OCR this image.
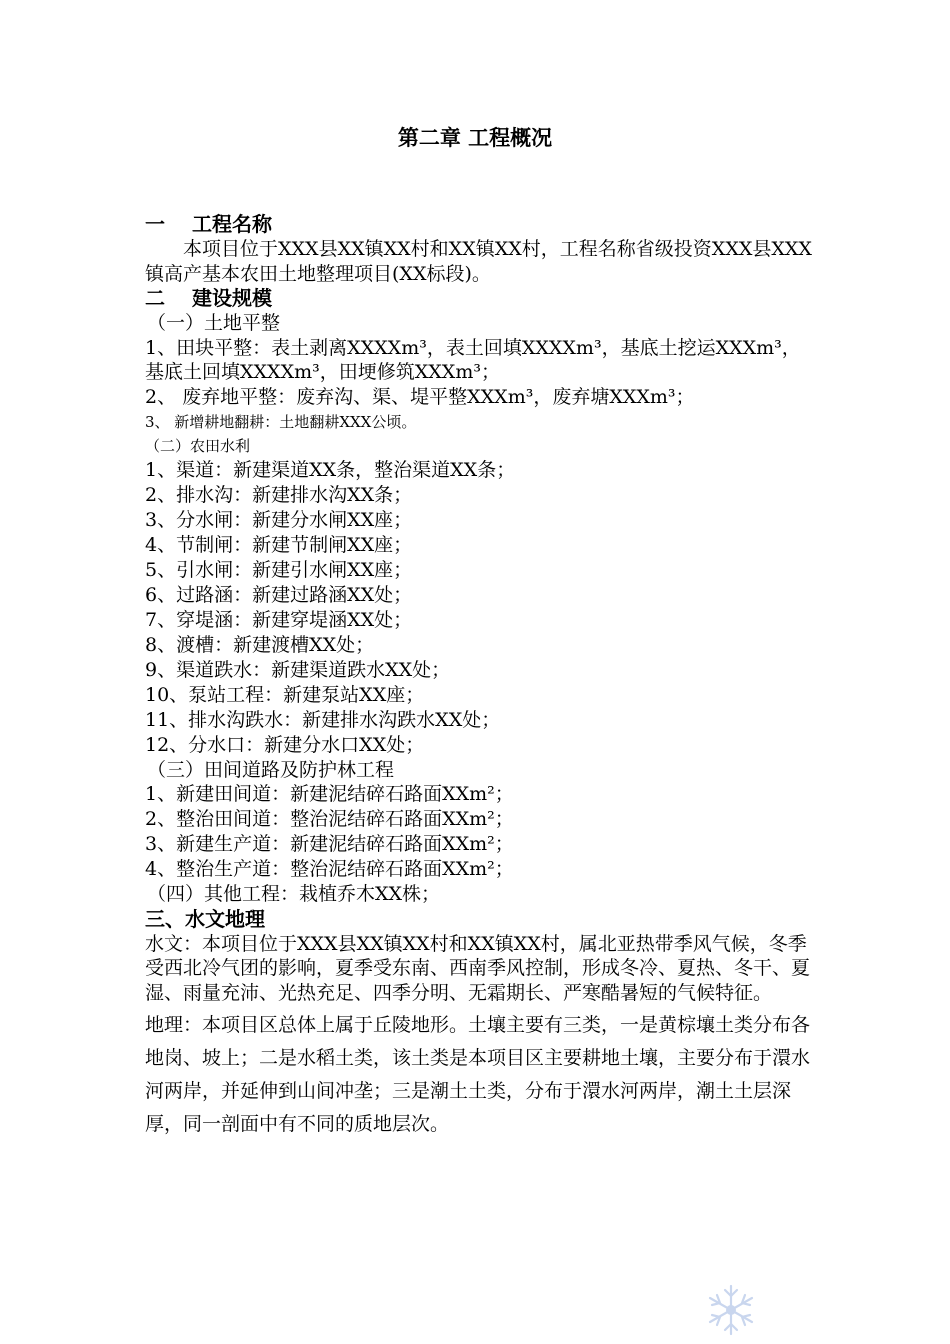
第二章 工程概况
一　 工程名称
本项目位于XXX县XX镇XX村和XX镇XX村，工程名称省级投资XXX县XXX镇高产基本农田土地整理项目(XX标段)。
二　 建设规模
（一）土地平整
1、田块平整：表土剥离XXXXm³，表土回填XXXXm³，基底土挖运XXXm³，基底土回填XXXXm³，田埂修筑XXXm³；
2、 废弃地平整：废弃沟、渠、堤平整XXXm³，废弃塘XXXm³；
3、 新增耕地翻耕：土地翻耕XXX公顷。
（二）农田水利
1、渠道：新建渠道XX条，整治渠道XX条；
2、排水沟：新建排水沟XX条；
3、分水闸：新建分水闸XX座；
4、节制闸：新建节制闸XX座；
5、引水闸：新建引水闸XX座；
6、过路涵：新建过路涵XX处；
7、穿堤涵：新建穿堤涵XX处；
8、渡槽：新建渡槽XX处；
9、渠道跌水：新建渠道跌水XX处；
10、泵站工程：新建泵站XX座；
11、排水沟跌水：新建排水沟跌水XX处；
12、分水口：新建分水口XX处；
（三）田间道路及防护林工程
1、新建田间道：新建泥结碎石路面XXm²；
2、整治田间道：整治泥结碎石路面XXm²；
3、新建生产道：新建泥结碎石路面XXm²；
4、整治生产道：整治泥结碎石路面XXm²；
（四）其他工程：栽植乔木XX株；
三、水文地理
水文：本项目位于XXX县XX镇XX村和XX镇XX村，属北亚热带季风气候，冬季受西北冷气团的影响，夏季受东南、西南季风控制，形成冬冷、夏热、冬干、夏湿、雨量充沛、光热充足、四季分明、无霜期长、严寒酷暑短的气候特征。
地理：本项目区总体上属于丘陵地形。土壤主要有三类，一是黄棕壤土类分布各地岗、坡上；二是水稻土类，该土类是本项目区主要耕地土壤，主要分布于澴水河两岸，并延伸到山间冲垄；三是潮土土类，分布于澴水河两岸，潮土土层深厚，同一剖面中有不同的质地层次。
